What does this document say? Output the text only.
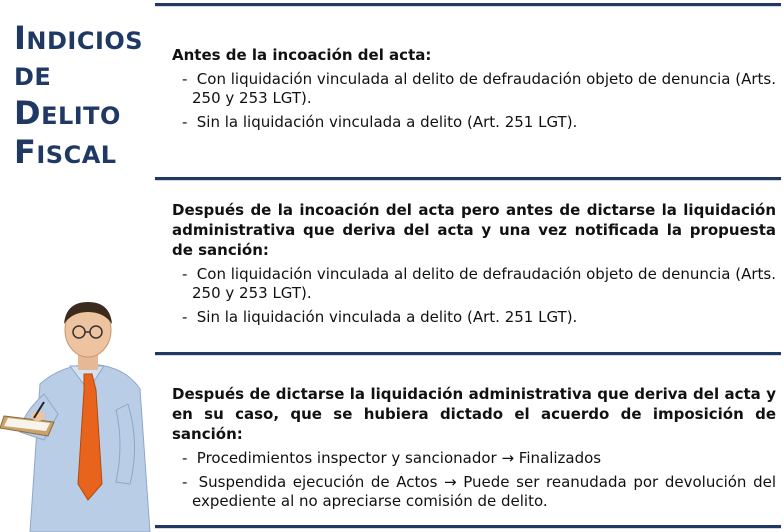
INDICIOS
DE
DELITO
FISCAL

Antes de la incoación del acta:

- Con liquidación vinculada al delito de defraudación objeto de denuncia (Arts. 250 y 253 LGT).

- Sin la liquidación vinculada a delito (Art. 251 LGT).

Después de la incoación del acta pero antes de dictarse la liquidación administrativa que deriva del acta y una vez notificada la propuesta de sanción:

- Con liquidación vinculada al delito de defraudación objeto de denuncia (Arts. 250 y 253 LGT).

- Sin la liquidación vinculada a delito (Art. 251 LGT).

Después de dictarse la liquidación administrativa que deriva del acta y en su caso, que se hubiera dictado el acuerdo de imposición de sanción:

- Procedimientos inspector y sancionador → Finalizados

- Suspendida ejecución de Actos → Puede ser reanudada por devolución del expediente al no apreciarse comisión de delito.
